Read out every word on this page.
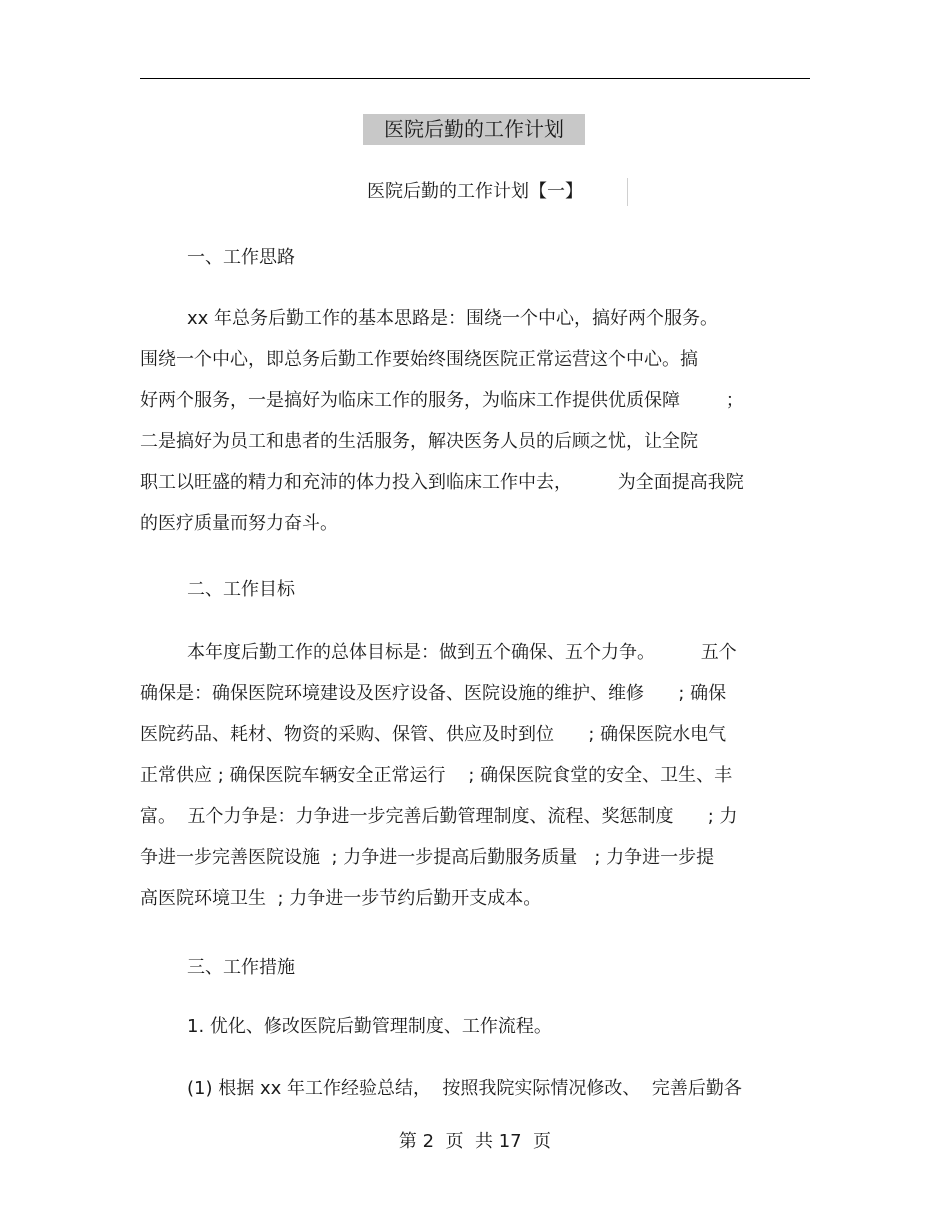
医院后勤的工作计划
医院后勤的工作计划【一】
一、工作思路
xx 年总务后勤工作的基本思路是：围绕一个中心，搞好两个服务。
围绕一个中心，即总务后勤工作要始终围绕医院正常运营这个中心。搞
好两个服务，一是搞好为临床工作的服务，为临床工作提供优质保障        ；
二是搞好为员工和患者的生活服务，解决医务人员的后顾之忧，让全院
职工以旺盛的精力和充沛的体力投入到临床工作中去，        为全面提高我院
的医疗质量而努力奋斗。
二、工作目标
本年度后勤工作的总体目标是：做到五个确保、五个力争。        五个
确保是：确保医院环境建设及医疗设备、医院设施的维护、维修      ; 确保
医院药品、耗材、物资的采购、保管、供应及时到位      ; 确保医院水电气
正常供应 ; 确保医院车辆安全正常运行    ; 确保医院食堂的安全、卫生、丰
富。  五个力争是：力争进一步完善后勤管理制度、流程、奖惩制度      ; 力
争进一步完善医院设施  ; 力争进一步提高后勤服务质量   ; 力争进一步提
高医院环境卫生  ; 力争进一步节约后勤开支成本。
三、工作措施
1. 优化、修改医院后勤管理制度、工作流程。
(1) 根据 xx 年工作经验总结，  按照我院实际情况修改、  完善后勤各
第 2  页  共 17  页
